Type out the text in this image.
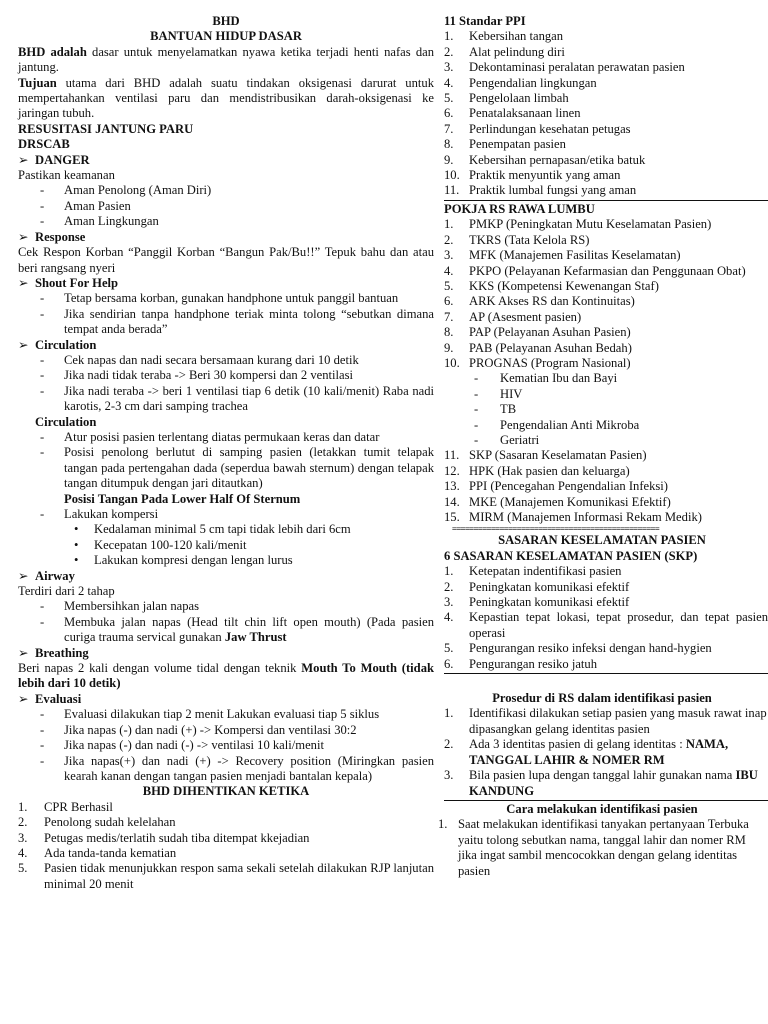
BHD

BANTUAN HIDUP DASAR

BHD adalah dasar untuk menyelamatkan nyawa ketika terjadi henti nafas dan jantung.

Tujuan utama dari BHD adalah suatu tindakan oksigenasi darurat untuk mempertahankan ventilasi paru dan mendistribusikan darah-oksigenasi ke jaringan tubuh.

RESUSITASI JANTUNG PARU

DRSCAB

➢ DANGER

Pastikan keamanan

- Aman Penolong (Aman Diri)
- Aman Pasien
- Aman Lingkungan
➢ Response

Cek Respon Korban “Panggil Korban “Bangun Pak/Bu!!” Tepuk bahu dan atau beri rangsang nyeri

➢ Shout For Help
- Tetap bersama korban, gunakan handphone untuk panggil bantuan
- Jika sendirian tanpa handphone teriak minta tolong “sebutkan dimana tempat anda berada”
➢ Circulation
- Cek napas dan nadi secara bersamaan kurang dari 10 detik
- Jika nadi tidak teraba -> Beri 30 kompersi dan 2 ventilasi
- Jika nadi teraba -> beri 1 ventilasi tiap 6 detik (10 kali/menit) Raba nadi karotis, 2-3 cm dari samping trachea

Circulation

- Atur posisi pasien terlentang diatas permukaan keras dan datar
- Posisi penolong berlutut di samping pasien (letakkan tumit telapak tangan pada pertengahan dada (seperdua bawah sternum) dengan telapak tangan ditumpuk dengan jari ditautkan)

Posisi Tangan Pada Lower Half Of Sternum

- Lakukan kompersi
• Kedalaman minimal 5 cm tapi tidak lebih dari 6cm
• Kecepatan 100-120 kali/menit
• Lakukan kompresi dengan lengan lurus
➢ Airway

Terdiri dari 2 tahap

- Membersihkan jalan napas
- Membuka jalan napas (Head tilt chin lift open mouth) (Pada pasien curiga trauma servical gunakan Jaw Thrust
➢ Breathing

Beri napas 2 kali dengan volume tidal dengan teknik Mouth To Mouth (tidak lebih dari 10 detik)

➢ Evaluasi
- Evaluasi dilakukan tiap 2 menit Lakukan evaluasi tiap 5 siklus
- Jika napas (-) dan nadi (+) -> Kompersi dan ventilasi 30:2
- Jika napas (-) dan nadi (-) -> ventilasi 10 kali/menit
- Jika napas(+) dan nadi (+) -> Recovery position (Miringkan pasien kearah kanan dengan tangan pasien menjadi bantalan kepala)

BHD DIHENTIKAN KETIKA

1. CPR Berhasil
2. Penolong sudah kelelahan
3. Petugas medis/terlatih sudah tiba ditempat kkejadian
4. Ada tanda-tanda kematian
5. Pasien tidak menunjukkan respon sama sekali setelah dilakukan RJP lanjutan minimal 20 menit

11 Standar PPI

1. Kebersihan tangan
2. Alat pelindung diri
3. Dekontaminasi peralatan perawatan pasien
4. Pengendalian lingkungan
5. Pengelolaan limbah
6. Penatalaksanaan linen
7. Perlindungan kesehatan petugas
8. Penempatan pasien
9. Kebersihan pernapasan/etika batuk
10. Praktik menyuntik yang aman
11. Praktik lumbal fungsi yang aman

POKJA RS RAWA LUMBU

1. PMKP (Peningkatan Mutu Keselamatan Pasien)
2. TKRS (Tata Kelola RS)
3. MFK (Manajemen Fasilitas Keselamatan)
4. PKPO (Pelayanan Kefarmasian dan Penggunaan Obat)
5. KKS (Kompetensi Kewenangan Staf)
6. ARK Akses RS dan Kontinuitas)
7. AP (Asesment pasien)
8. PAP (Pelayanan Asuhan Pasien)
9. PAB (Pelayanan Asuhan Bedah)
10. PROGNAS (Program Nasional)
- Kematian Ibu dan Bayi
- HIV
- TB
- Pengendalian Anti Mikroba
- Geriatri
11. SKP (Sasaran Keselamatan Pasien)
12. HPK (Hak pasien dan keluarga)
13. PPI (Pencegahan Pengendalian Infeksi)
14. MKE (Manajemen Komunikasi Efektif)
15. MIRM (Manajemen Informasi Rekam Medik)
================================================

SASARAN KESELAMATAN PASIEN

6 SASARAN KESELAMATAN PASIEN (SKP)

1. Ketepatan indentifikasi pasien
2. Peningkatan komunikasi efektif
3. Peningkatan komunikasi efektif
4. Kepastian tepat lokasi, tepat prosedur, dan tepat pasien operasi
5. Pengurangan resiko infeksi dengan hand-hygien
6. Pengurangan resiko jatuh

Prosedur di RS dalam identifikasi pasien

1. Identifikasi dilakukan setiap pasien yang masuk rawat inap dipasangkan gelang identitas pasien
2. Ada 3 identitas pasien di gelang identitas : NAMA, TANGGAL LAHIR & NOMER RM
3. Bila pasien lupa dengan tanggal lahir gunakan nama IBU KANDUNG

Cara melakukan identifikasi pasien

1. Saat melakukan identifikasi tanyakan pertanyaan Terbuka yaitu tolong sebutkan nama, tanggal lahir dan nomer RM jika ingat sambil mencocokkan dengan gelang identitas pasien
